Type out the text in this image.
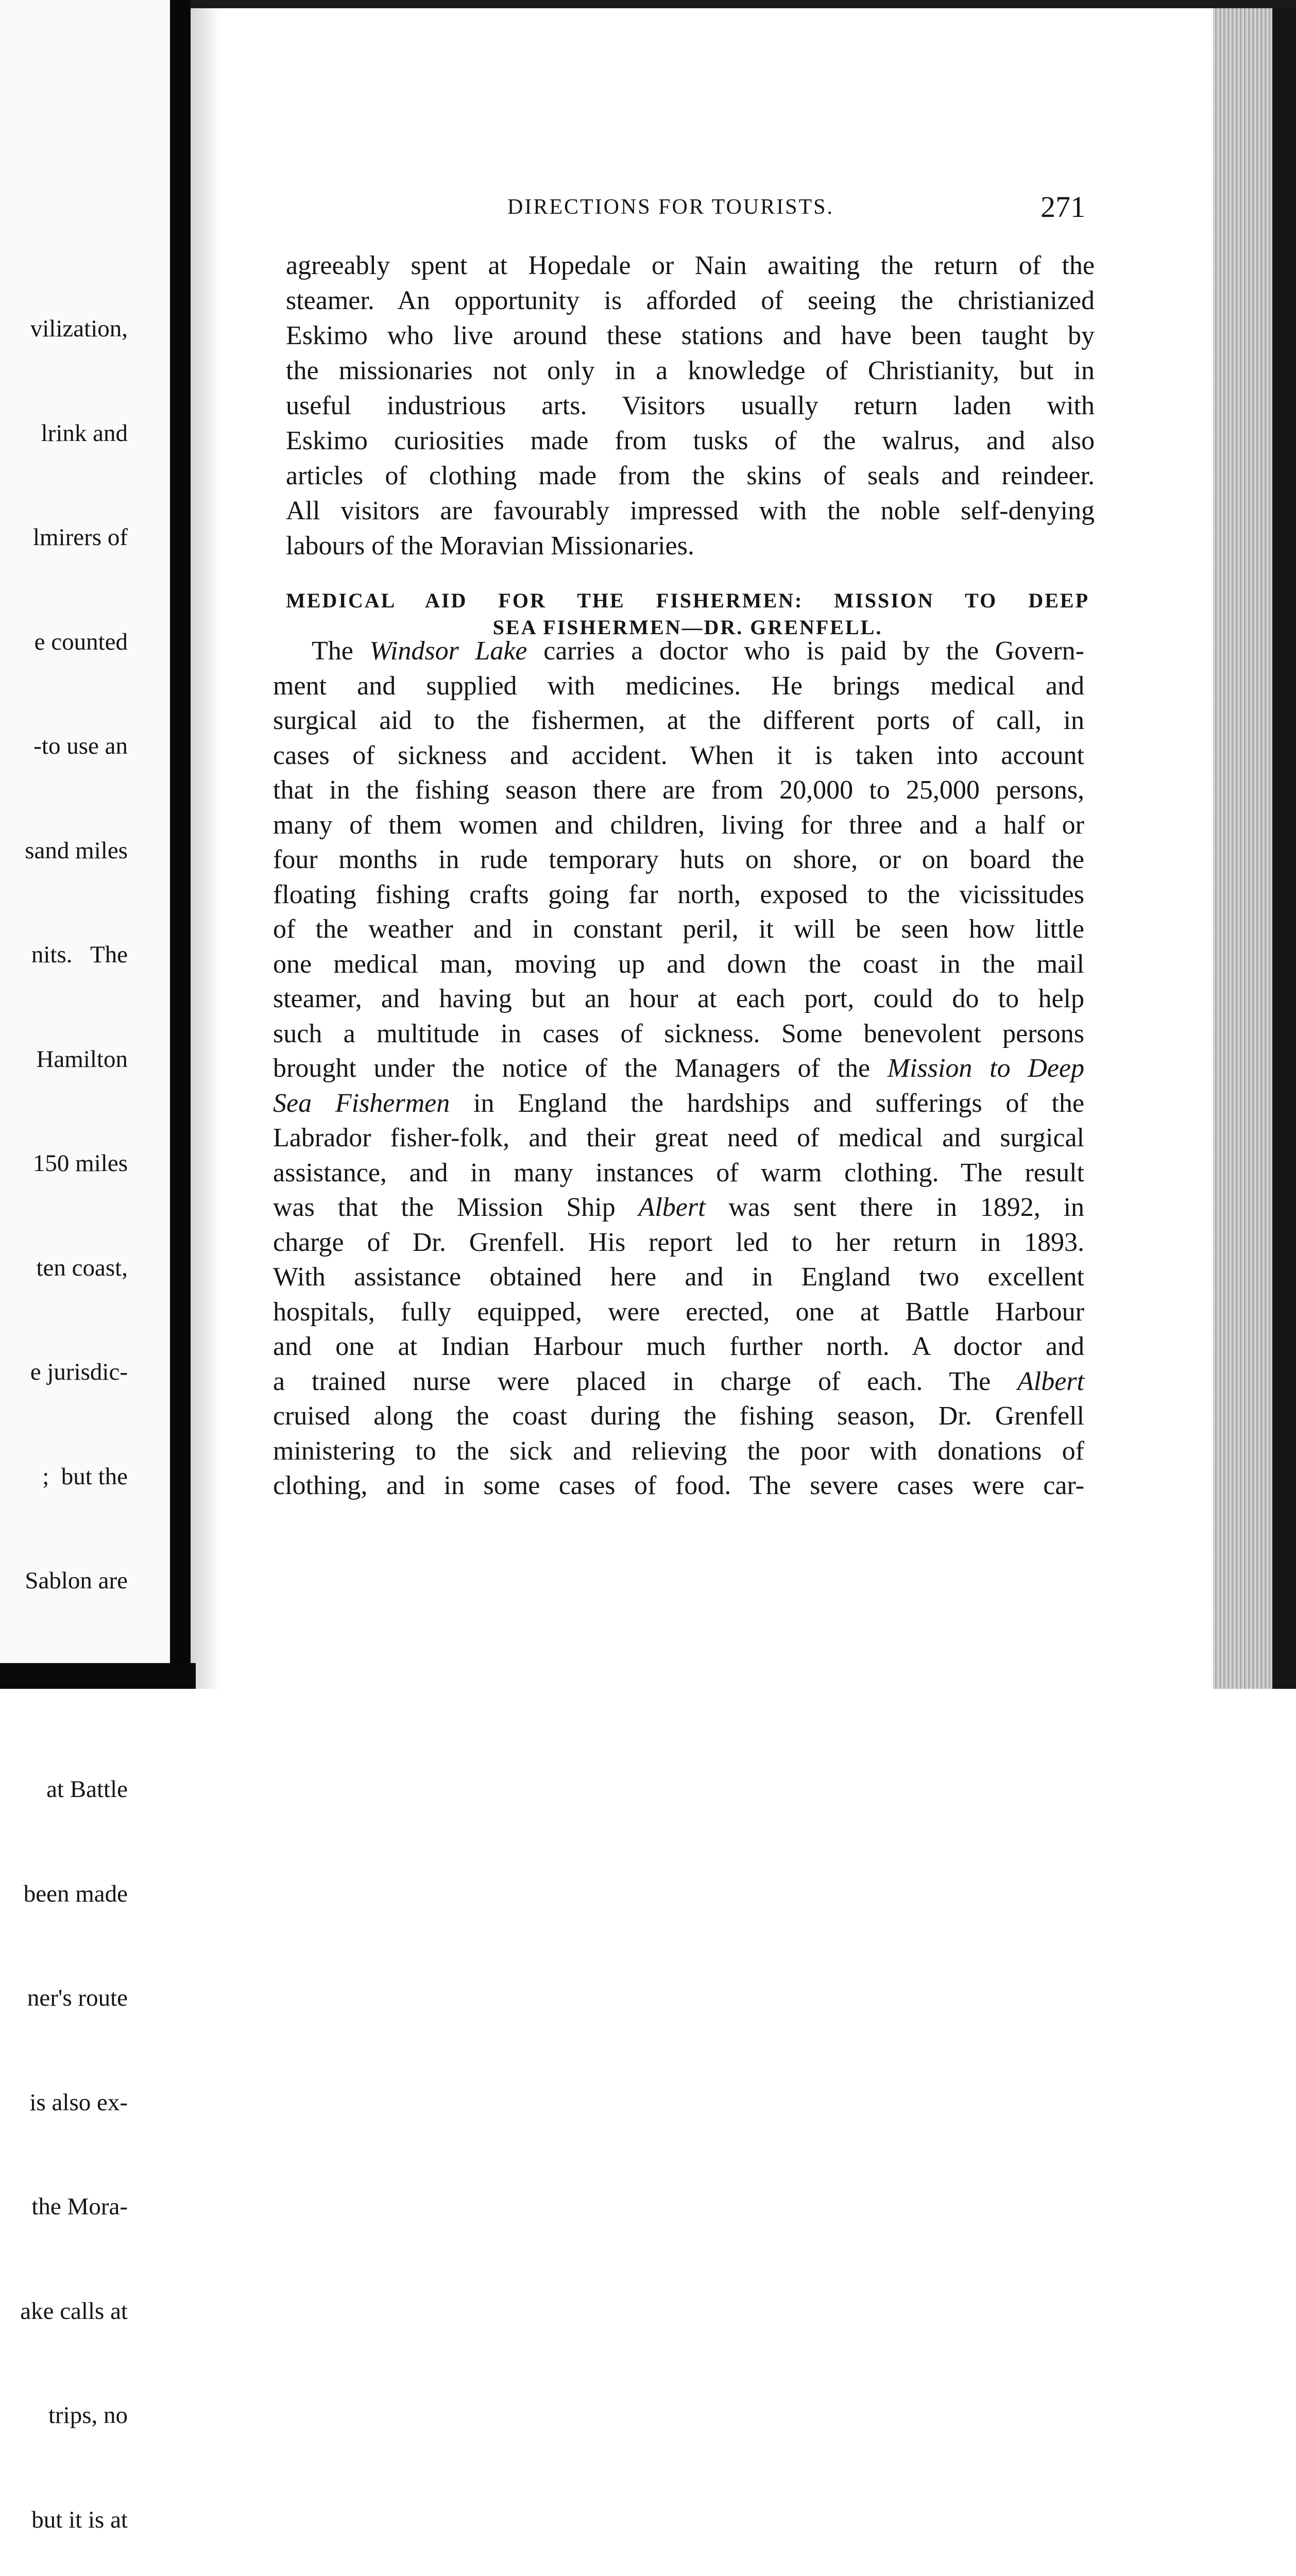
vilization,

lrink and

lmirers of

e counted

-to use an

sand miles

nits.   The

Hamilton

150 miles

ten coast,

e jurisdic-

;  but the

Sablon are

at Battle

been made

ner's route

is also ex-

the Mora-

ake calls at

trips, no

but it is at

DIRECTIONS FOR TOURISTS.	271
agreeably spent at Hopedale or Nain awaiting the return of the
steamer. An opportunity is afforded of seeing the christianized
Eskimo who live around these stations and have been taught by
the missionaries not only in a knowledge of Christianity, but in
useful industrious arts. Visitors usually return laden with
Eskimo curiosities made from tusks of the walrus, and also
articles of clothing made from the skins of seals and reindeer.
All visitors are favourably impressed with the noble self-denying
labours of the Moravian Missionaries.
MEDICAL AID FOR THE FISHERMEN: MISSION TO DEEP
SEA FISHERMEN—DR. GRENFELL.
The Windsor Lake carries a doctor who is paid by the Govern-
ment and supplied with medicines. He brings medical and
surgical aid to the fishermen, at the different ports of call, in
cases of sickness and accident. When it is taken into account
that in the fishing season there are from 20,000 to 25,000 persons,
many of them women and children, living for three and a half or
four months in rude temporary huts on shore, or on board the
floating fishing crafts going far north, exposed to the vicissitudes
of the weather and in constant peril, it will be seen how little
one medical man, moving up and down the coast in the mail
steamer, and having but an hour at each port, could do to help
such a multitude in cases of sickness. Some benevolent persons
brought under the notice of the Managers of the Mission to Deep
Sea Fishermen in England the hardships and sufferings of the
Labrador fisher-folk, and their great need of medical and surgical
assistance, and in many instances of warm clothing. The result
was that the Mission Ship Albert was sent there in 1892, in
charge of Dr. Grenfell. His report led to her return in 1893.
With assistance obtained here and in England two excellent
hospitals, fully equipped, were erected, one at Battle Harbour
and one at Indian Harbour much further north. A doctor and
a trained nurse were placed in charge of each. The Albert
cruised along the coast during the fishing season, Dr. Grenfell
ministering to the sick and relieving the poor with donations of
clothing, and in some cases of food. The severe cases were car-
